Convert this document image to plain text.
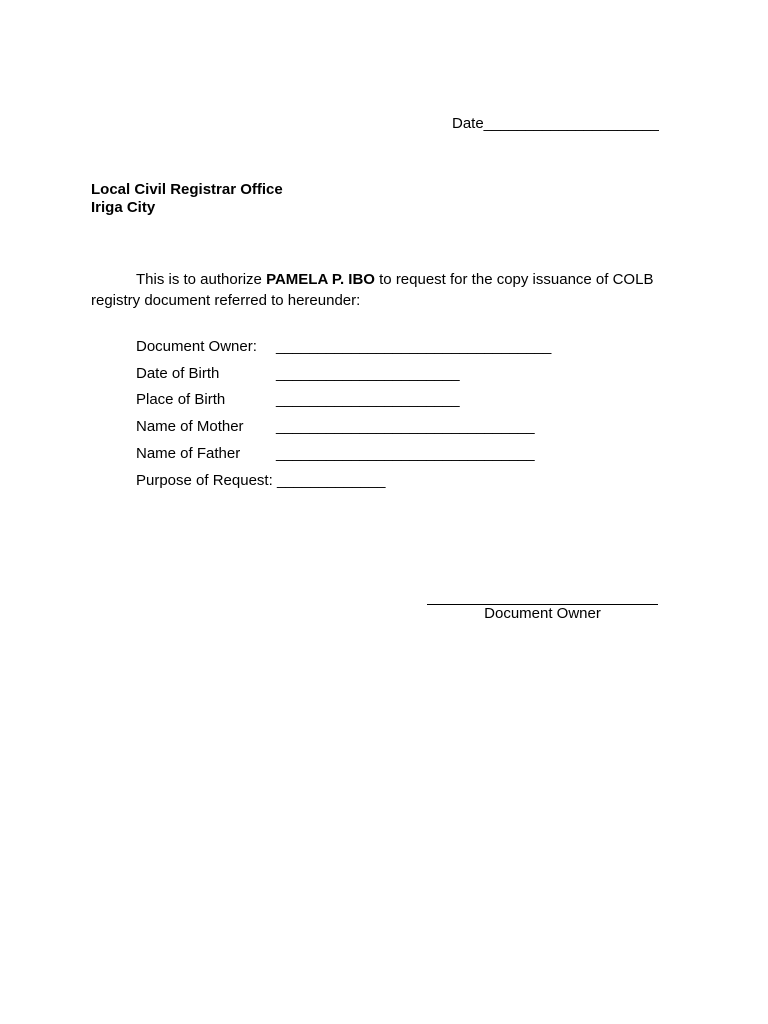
Date_____________________
Local Civil Registrar Office
Iriga City
This is to authorize PAMELA P. IBO to request for the copy issuance of COLB registry document referred to hereunder:
Document Owner: _________________________________
Date of Birth	______________________
Place of Birth	______________________
Name of Mother _______________________________
Name of Father _______________________________
Purpose of Request: _____________
Document Owner
